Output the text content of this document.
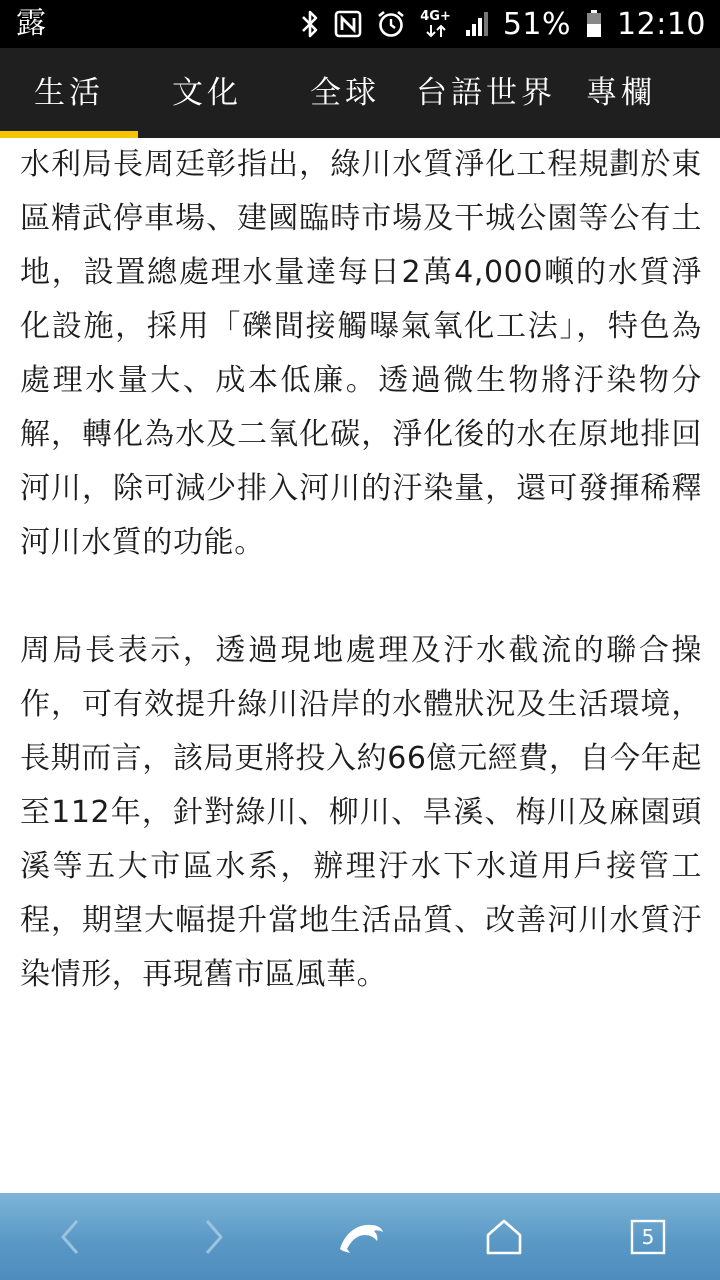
露	4G+ 51% 12:10
生活 文化 全球 台語世界 專欄

水利局長周廷彰指出，綠川水質淨化工程規劃於東區精武停車場、建國臨時市場及干城公園等公有土地，設置總處理水量達每日2萬4,000噸的水質淨化設施，採用「礫間接觸曝氣氧化工法」，特色為處理水量大、成本低廉。透過微生物將汙染物分解，轉化為水及二氧化碳，淨化後的水在原地排回河川，除可減少排入河川的汙染量，還可發揮稀釋河川水質的功能。

周局長表示，透過現地處理及汙水截流的聯合操作，可有效提升綠川沿岸的水體狀況及生活環境，長期而言，該局更將投入約66億元經費，自今年起至112年，針對綠川、柳川、旱溪、梅川及麻園頭溪等五大市區水系，辦理汙水下水道用戶接管工程，期望大幅提升當地生活品質、改善河川水質汙染情形，再現舊市區風華。

5
